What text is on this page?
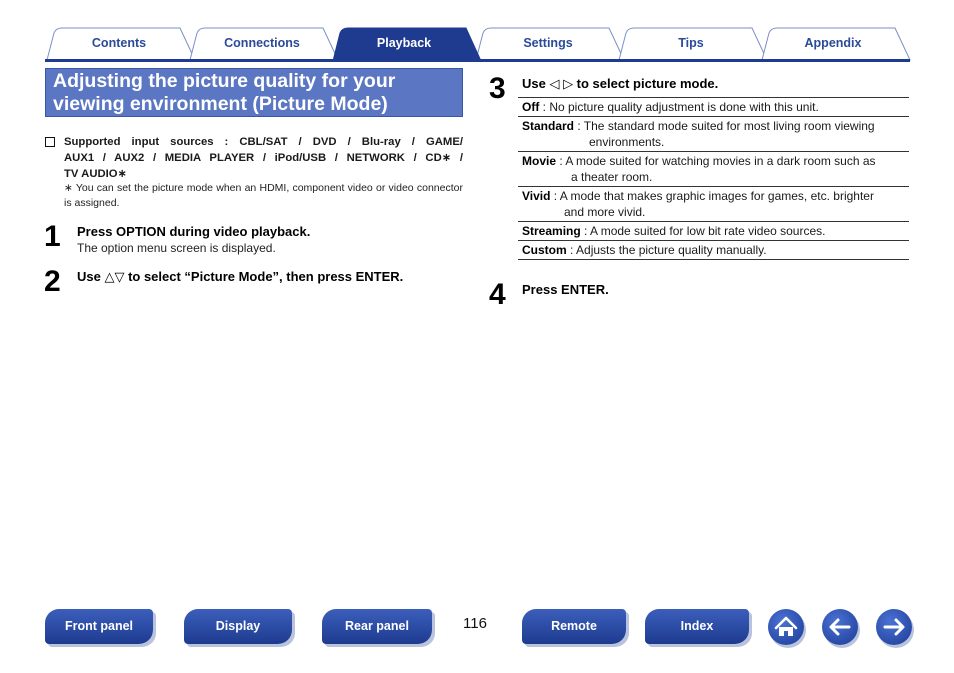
Contents	Connections	Playback	Settings	Tips	Appendix
Adjusting the picture quality for your
viewing environment (Picture Mode)
Supported input sources : CBL/SAT / DVD / Blu-ray / GAME/
AUX1 / AUX2 / MEDIA PLAYER / iPod/USB / NETWORK / CD∗ /
TV AUDIO∗
∗ You can set the picture mode when an HDMI, component video or video connector is assigned.
1 Press OPTION during video playback.
The option menu screen is displayed.
2 Use △▽ to select “Picture Mode”, then press ENTER.
3 Use ◁ ▷ to select picture mode.
Off : No picture quality adjustment is done with this unit.
Standard : The standard mode suited for most living room viewing
environments.
Movie : A mode suited for watching movies in a dark room such as
a theater room.
Vivid : A mode that makes graphic images for games, etc. brighter
and more vivid.
Streaming : A mode suited for low bit rate video sources.
Custom : Adjusts the picture quality manually.
4 Press ENTER.
Front panel	Display	Rear panel	116	Remote	Index
